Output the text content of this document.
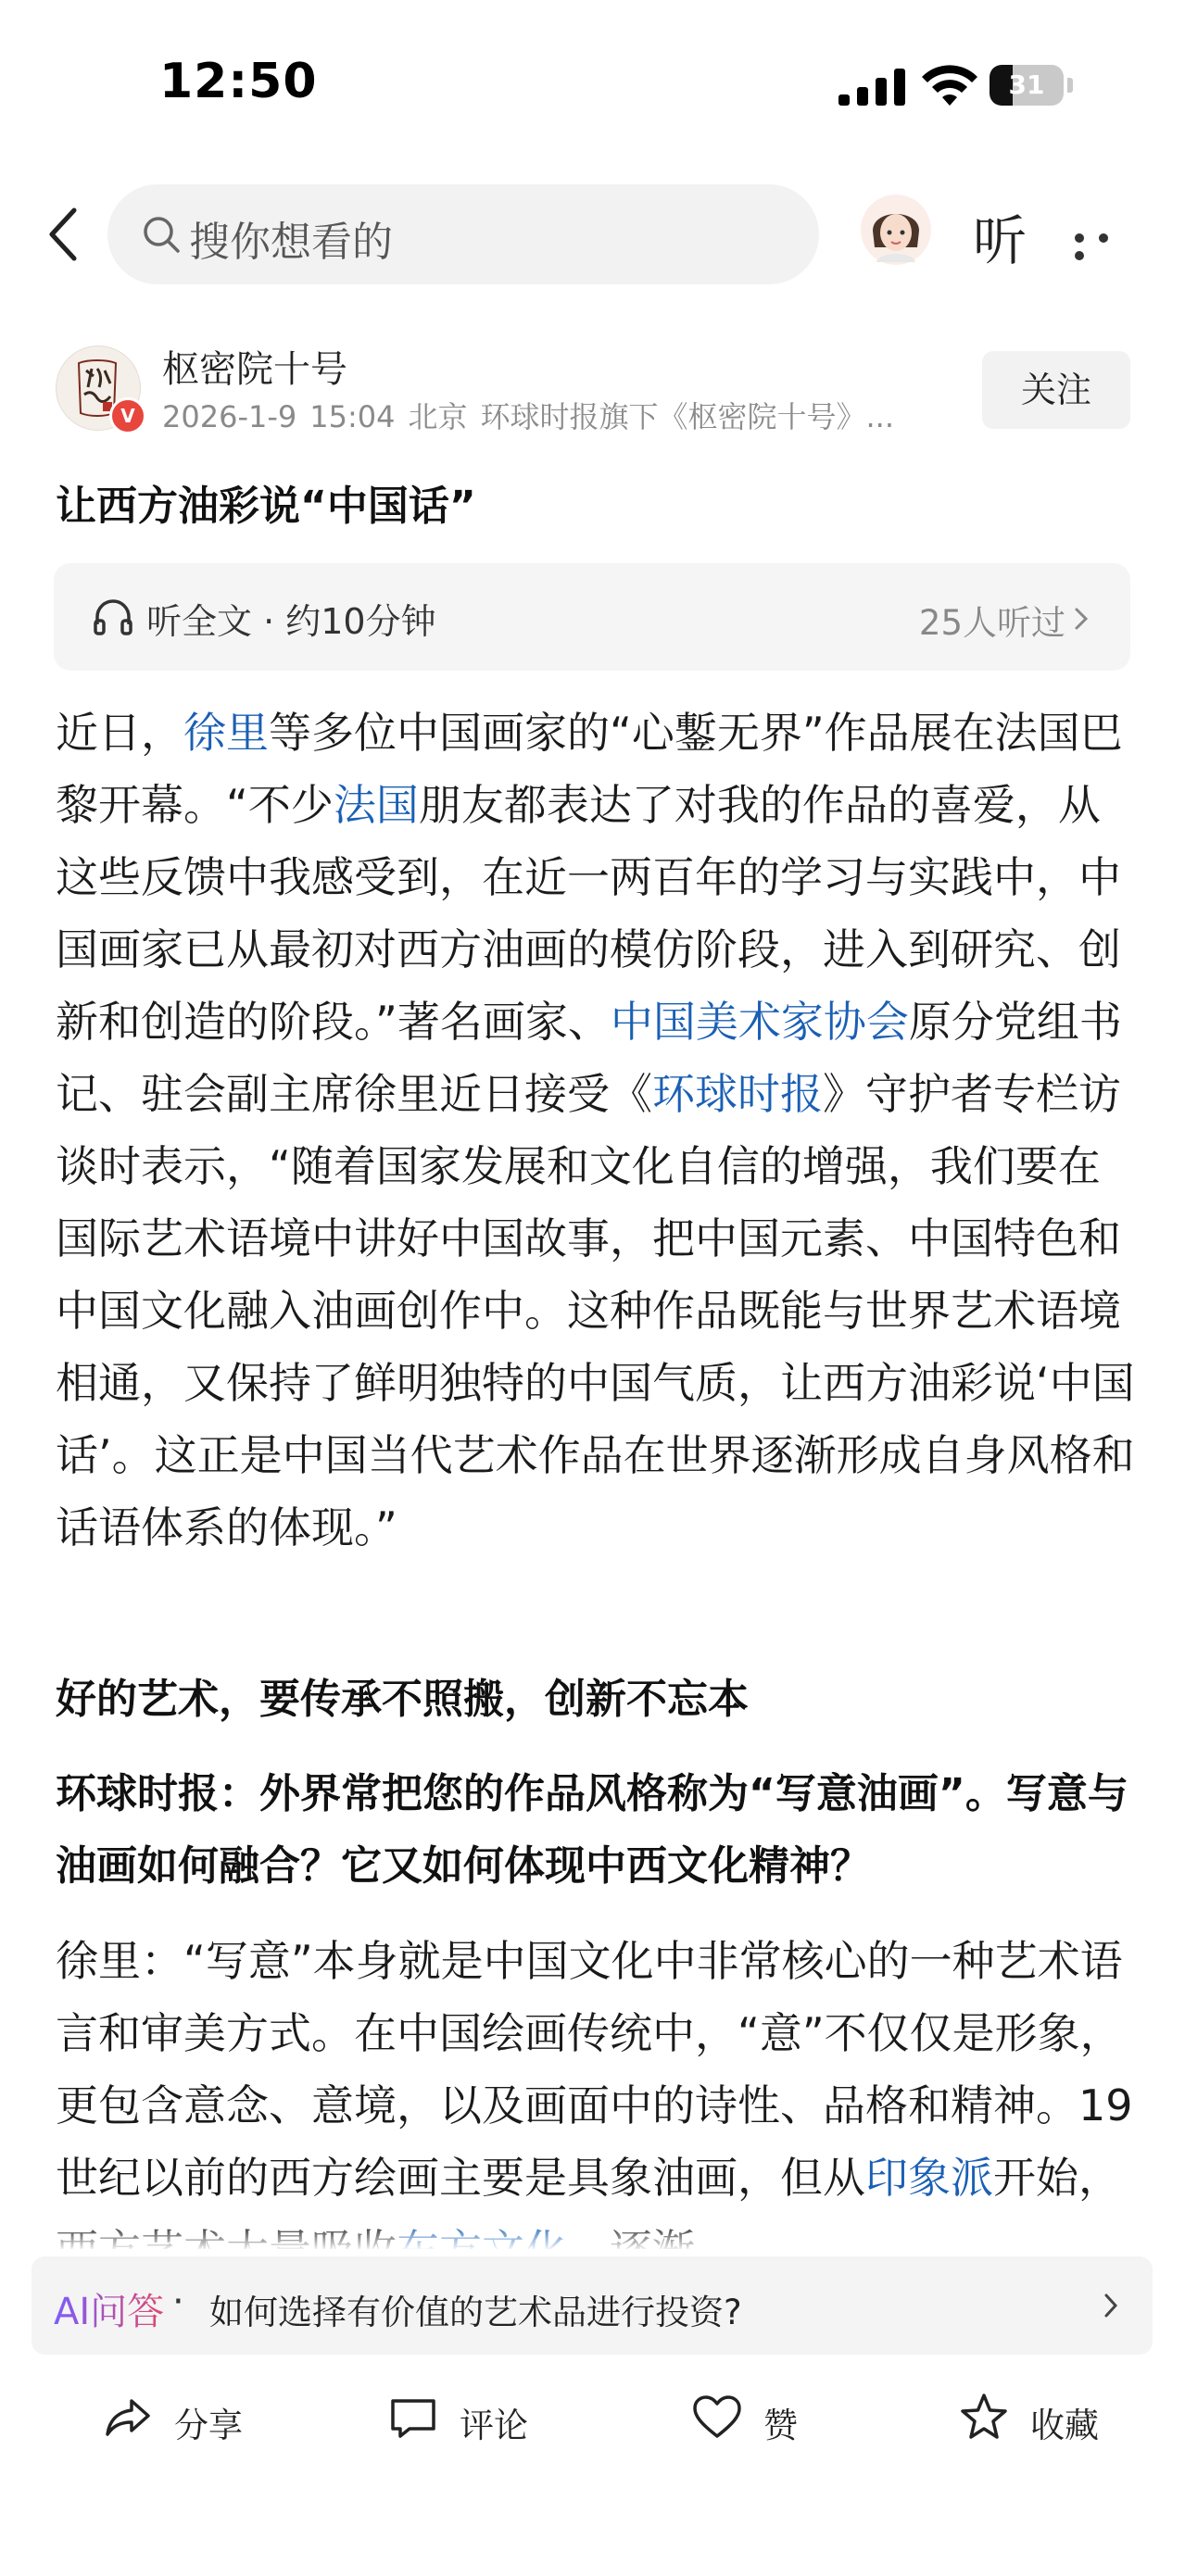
12:50	31
搜你想看的	听
V
枢密院十号
2026-1-9 15:04 北京 环球时报旗下《枢密院十号》...
关注
让西方油彩说“中国话”
听全文 · 约10分钟	25人听过

近日，徐里等多位中国画家的“心鏨无界”作品展在法国巴黎开幕。“不少法国朋友都表达了对我的作品的喜爱，从这些反馈中我感受到，在近一两百年的学习与实践中，中国画家已从最初对西方油画的模仿阶段，进入到研究、创新和创造的阶段。”著名画家、中国美术家协会原分党组书记、驻会副主席徐里近日接受《环球时报》守护者专栏访谈时表示，“随着国家发展和文化自信的增强，我们要在国际艺术语境中讲好中国故事，把中国元素、中国特色和中国文化融入油画创作中。这种作品既能与世界艺术语境相通，又保持了鲜明独特的中国气质，让西方油彩说‘中国话’。这正是中国当代艺术作品在世界逐渐形成自身风格和话语体系的体现。”

好的艺术，要传承不照搬，创新不忘本

环球时报：外界常把您的作品风格称为“写意油画”。写意与油画如何融合？它又如何体现中西文化精神？

徐里：“写意”本身就是中国文化中非常核心的一种艺术语言和审美方式。在中国绘画传统中，“意”不仅仅是形象，更包含意念、意境，以及画面中的诗性、品格和精神。19世纪以前的西方绘画主要是具象油画，但从印象派开始，

AI问答 · 如何选择有价值的艺术品进行投资?
分享	评论	赞	收藏
